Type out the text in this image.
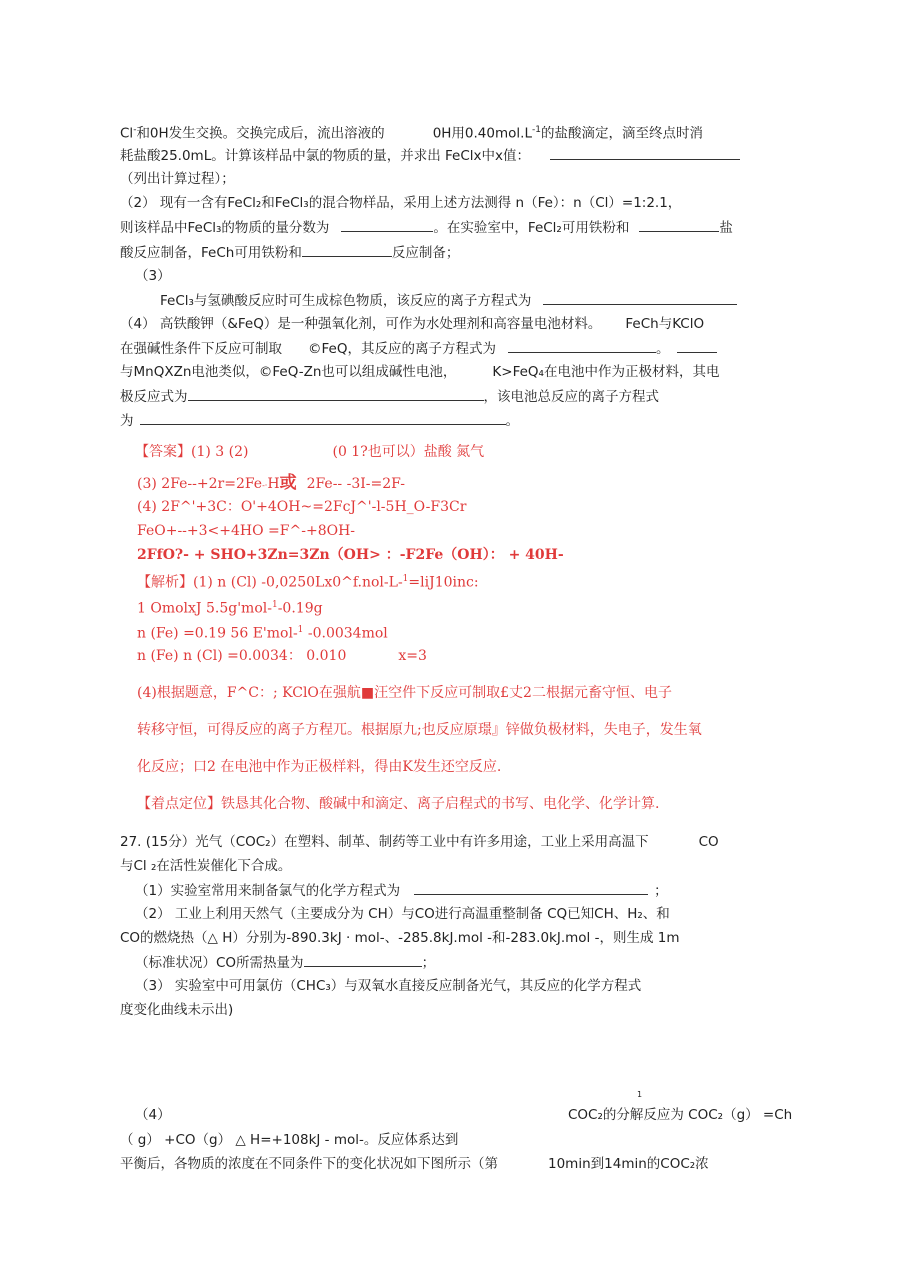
Cl-和0H发生交换。交换完成后，流出溶液的	0H用$0.40mol.L^{-1}$的盐酸滴定，滴至终点时消
耗盐酸25.0mL。计算该样品中氯的物质的量，并求出 FeClx中x值：
（列出计算过程）；
（2） 现有一含有FeCl₂和FeCl₃的混合物样品，采用上述方法测得 n（Fe）：n（Cl）=1:2.1，
则该样品中FeCl₃的物质的量分数为	。在实验室中，FeCl₂可用铁粉和	盐
酸反应制备，FeCh可用铁粉和	反应制备；
（3）
FeCl₃与氢碘酸反应时可生成棕色物质，该反应的离子方程式为
（4） 高铁酸钾（&FeQ）是一种强氧化剂，可作为水处理剂和高容量电池材料。 FeCh与KClO
在强碱性条件下反应可制取 ©FeQ，其反应的离子方程式为	。
与MnQXZn电池类似，©FeQ-Zn也可以组成碱性电池，	K>FeQ₄在电池中作为正极材料，其电
极反应式为	，该电池总反应的离子方程式
为	。
【答案】(1) 3 (2)	(0 1?也可以）盐酸 氮气
(3) 2Fe--+2r=2Fe-·H或 2Fe-- -3I-=2F-
(4) 2F^'+3C：O'+4OH~=2FcJ^'-l-5H_O-F3Cr
FeO+--+3<+4HO =F^-+8OH-
2FfO?- + SHO+3Zn=3Zn（OH> ：-F2Fe（OH）： + 40H-
【解析】(1) n (Cl) -0,0250Lx0^f.nol-L-$^1$=liJ10inc:
1 OmolxJ 5.5g'mol-$^1$-0.19g
n (Fe) =0.19 56 E'mol-$^1$ -0.0034mol
n (Fe) n (Cl) =0.0034： 0.010	x=3
(4)根据题意，F^C：; KClO在强航■汪空件下反应可制取£丈2二根据元畜守恒、电子
转移守恒，可得反应的离子方程兀。根据原九;也反应原璟』锌做负极材料，失电子，发生氧
化反应；口2 在电池中作为正极样料，得由K发生还空反应.
【着点定位】铁恳其化合物、酸碱中和滴定、离子启程式的书写、电化学、化学计算.
27. (15分）光气（COC₂）在塑料、制革、制药等工业中有许多用途，工业上采用高温下	CO
与Cl ₂在活性炭催化下合成。
（1）实验室常用来制备氯气的化学方程式为	；
（2） 工业上利用天然气（主要成分为 CH）与CO进行高温重整制备 CQ已知CH、H₂、和
CO的燃烧热（△ H）分别为-890.3kJ · mol-、-285.8kJ.mol -和-283.0kJ.mol -，则生成 1m
（标准状况）CO所需热量为	；
（3） 实验室中可用氯仿（CHC₃）与双氧水直接反应制备光气，其反应的化学方程式
度变化曲线未示出)
1
（4）	COC₂的分解反应为 COC₂（g） =Ch
（ g） +CO（g） △ H=+108kJ - mol-。反应体系达到
平衡后，各物质的浓度在不同条件下的变化状况如下图所示（第	10min到14min的COC₂浓
